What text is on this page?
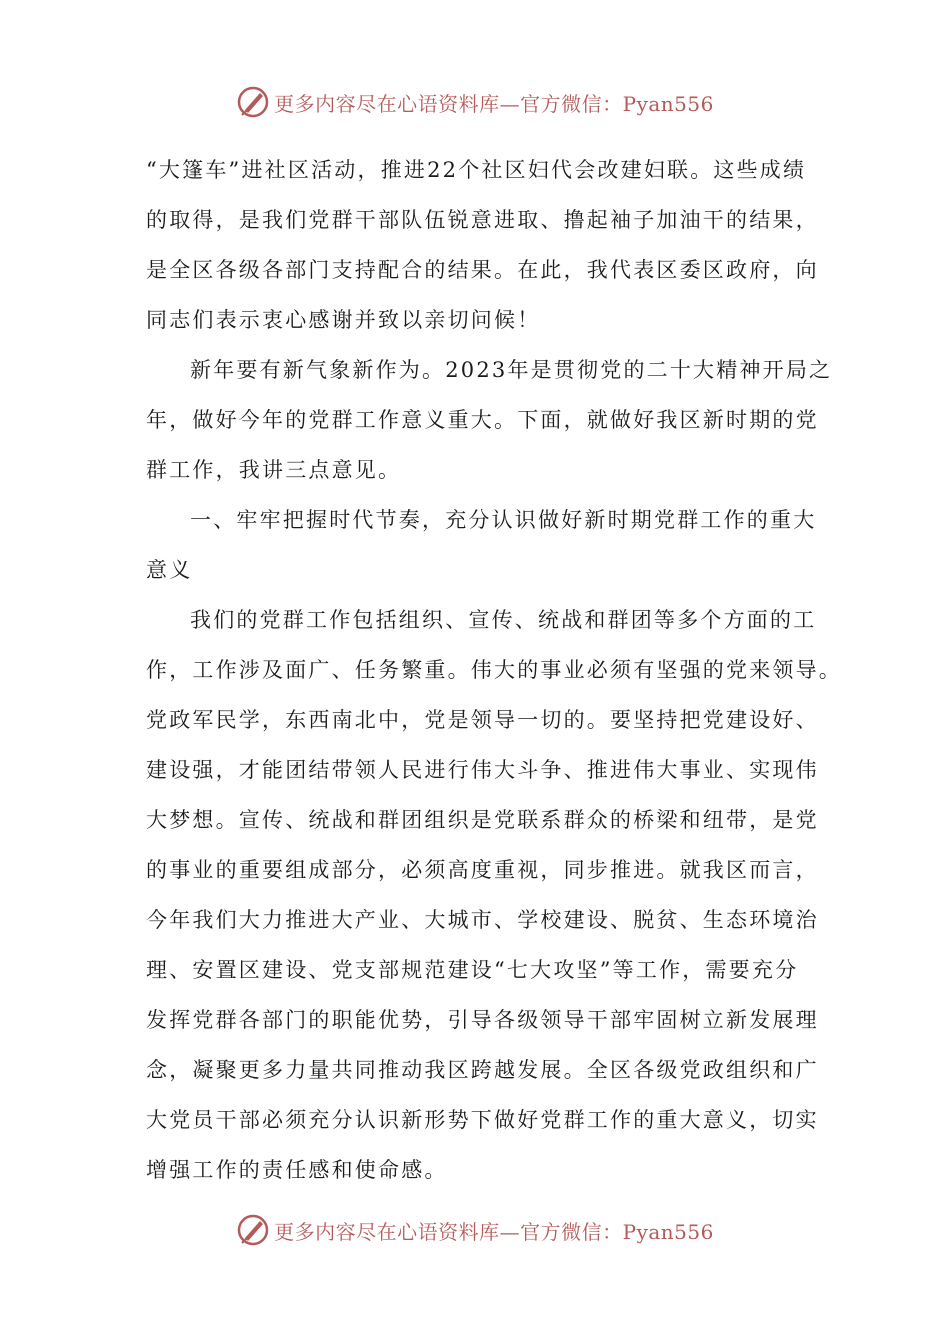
更多内容尽在心语资料库—官方微信：Pyan556
“大篷车”进社区活动，推进22个社区妇代会改建妇联。这些成绩
的取得，是我们党群干部队伍锐意进取、撸起袖子加油干的结果，
是全区各级各部门支持配合的结果。在此，我代表区委区政府，向
同志们表示衷心感谢并致以亲切问候！
新年要有新气象新作为。2023年是贯彻党的二十大精神开局之
年，做好今年的党群工作意义重大。下面，就做好我区新时期的党
群工作，我讲三点意见。
一、牢牢把握时代节奏，充分认识做好新时期党群工作的重大
意义
我们的党群工作包括组织、宣传、统战和群团等多个方面的工
作，工作涉及面广、任务繁重。伟大的事业必须有坚强的党来领导。
党政军民学，东西南北中，党是领导一切的。要坚持把党建设好、
建设强，才能团结带领人民进行伟大斗争、推进伟大事业、实现伟
大梦想。宣传、统战和群团组织是党联系群众的桥梁和纽带，是党
的事业的重要组成部分，必须高度重视，同步推进。就我区而言，
今年我们大力推进大产业、大城市、学校建设、脱贫、生态环境治
理、安置区建设、党支部规范建设“七大攻坚”等工作，需要充分
发挥党群各部门的职能优势，引导各级领导干部牢固树立新发展理
念，凝聚更多力量共同推动我区跨越发展。全区各级党政组织和广
大党员干部必须充分认识新形势下做好党群工作的重大意义，切实
增强工作的责任感和使命感。
更多内容尽在心语资料库—官方微信：Pyan556
